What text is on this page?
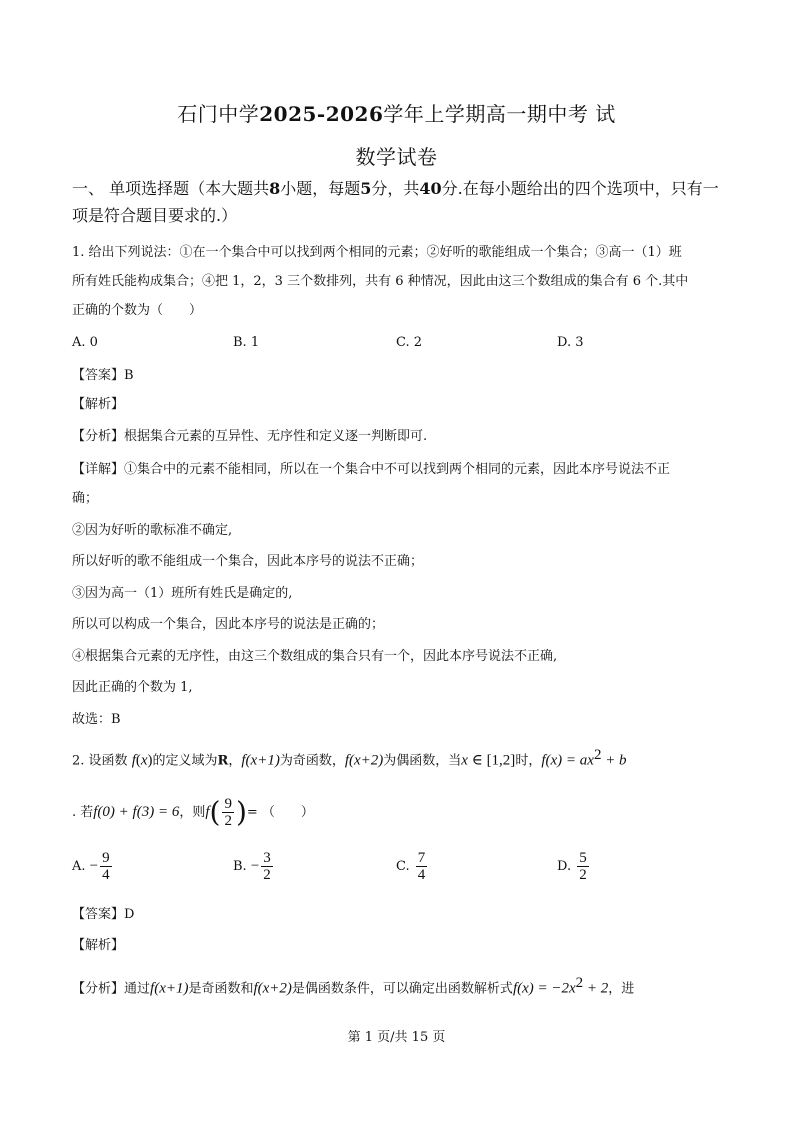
石门中学2025-2026学年上学期高一期中考 试
数学试卷
一、 单项选择题（本大题共8小题，每题5分，共40分.在每小题给出的四个选项中，只有一
项是符合题目要求的.）
1. 给出下列说法：①在一个集合中可以找到两个相同的元素；②好听的歌能组成一个集合；③高一（1）班
所有姓氏能构成集合；④把 1，2，3 三个数排列，共有 6 种情况，因此由这三个数组成的集合有 6 个.其中
正确的个数为（　　）
A. 0	B. 1	C. 2	D. 3
【答案】B
【解析】
【分析】根据集合元素的互异性、无序性和定义逐一判断即可.
【详解】①集合中的元素不能相同，所以在一个集合中不可以找到两个相同的元素，因此本序号说法不正
确；
②因为好听的歌标准不确定,
所以好听的歌不能组成一个集合，因此本序号的说法不正确；
③因为高一（1）班所有姓氏是确定的,
所以可以构成一个集合，因此本序号的说法是正确的；
④根据集合元素的无序性，由这三个数组成的集合只有一个，因此本序号说法不正确,
因此正确的个数为 1,
故选：B
2. 设函数 f(x)的定义域为R，f(x+1)为奇函数，f(x+2)为偶函数，当x ∈ [1,2]时，$f(x) = ax^2 + b$
. 若f(0) + f(3) = 6，则$f( \frac{9}{2}$ )= （　　）
A. − $\frac{9}{4}$	B. − $\frac{3}{2}$	C. $\frac{7}{4}$	D. $\frac{5}{2}$
【答案】D
【解析】
【分析】通过f(x+1)是奇函数和f(x+2)是偶函数条件，可以确定出函数解析式$f(x) = -2x^2 + 2$，进
第 1 页/共 15 页
